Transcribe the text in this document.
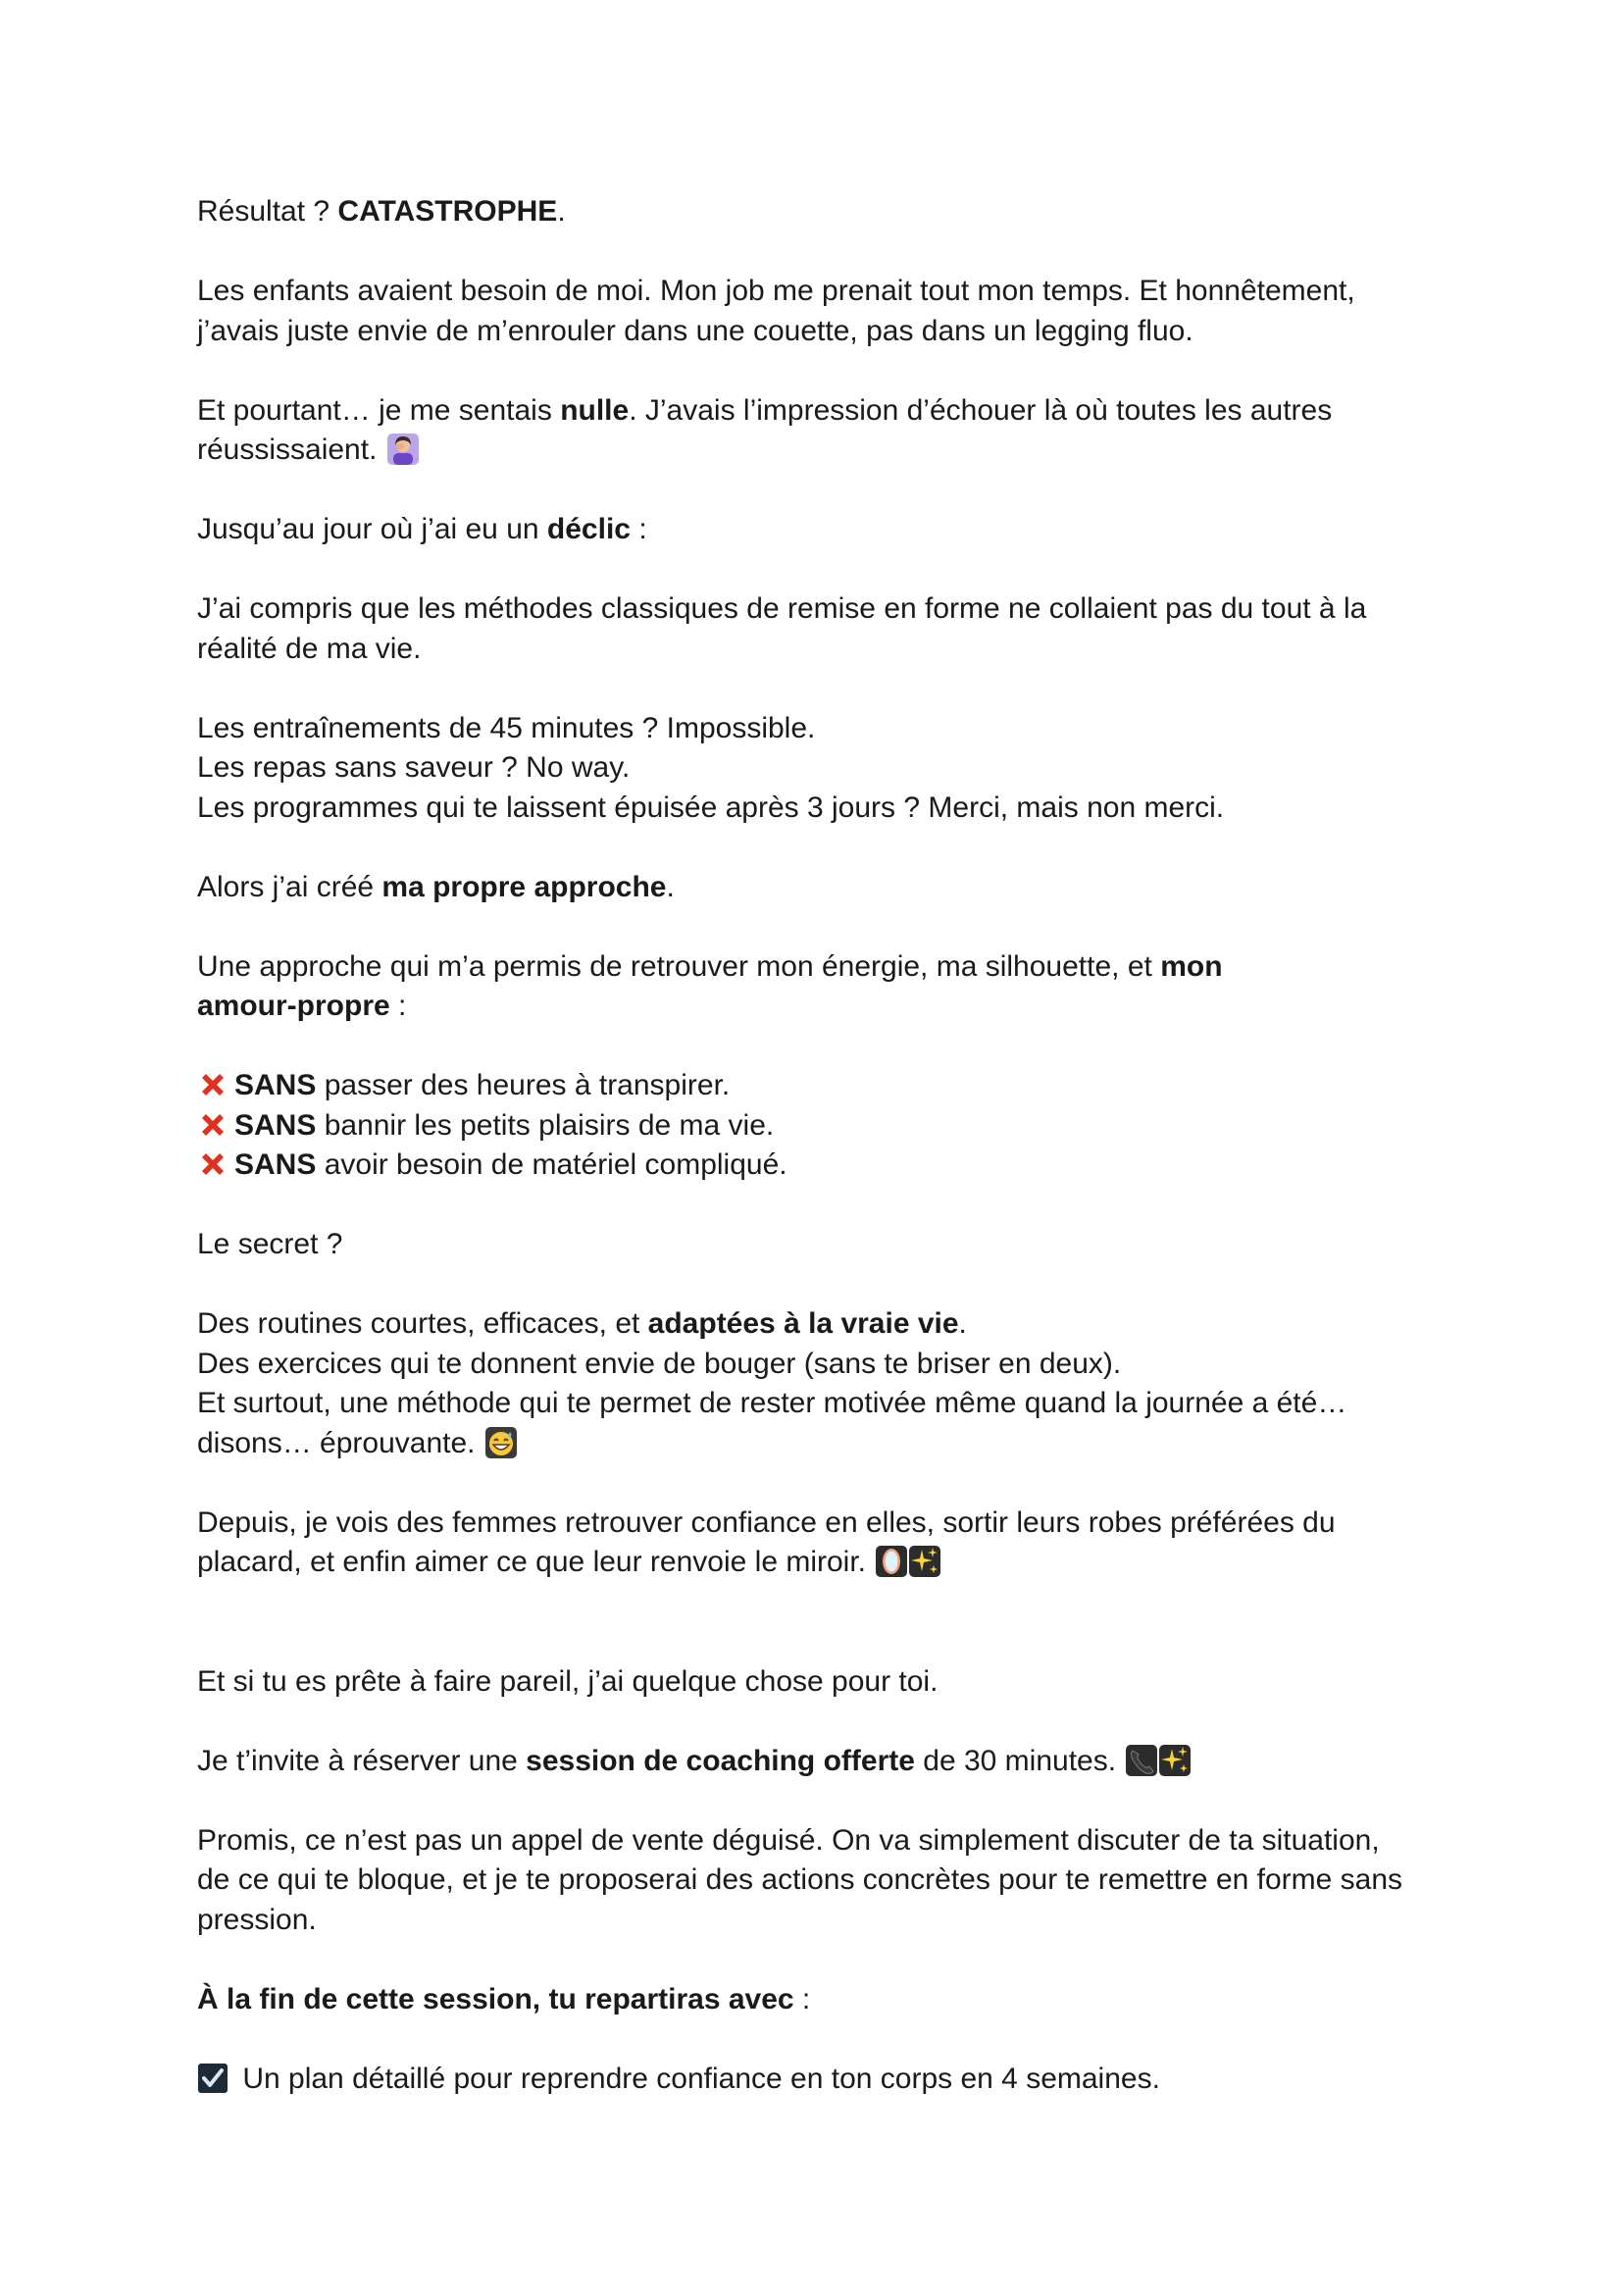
Résultat ? CATASTROPHE.

Les enfants avaient besoin de moi. Mon job me prenait tout mon temps. Et honnêtement,
j’avais juste envie de m’enrouler dans une couette, pas dans un legging fluo.

Et pourtant… je me sentais nulle. J’avais l’impression d’échouer là où toutes les autres
réussissaient.

Jusqu’au jour où j’ai eu un déclic :

J’ai compris que les méthodes classiques de remise en forme ne collaient pas du tout à la
réalité de ma vie.

Les entraînements de 45 minutes ? Impossible.
Les repas sans saveur ? No way.
Les programmes qui te laissent épuisée après 3 jours ? Merci, mais non merci.

Alors j’ai créé ma propre approche.

Une approche qui m’a permis de retrouver mon énergie, ma silhouette, et mon
amour-propre :

SANS passer des heures à transpirer.
SANS bannir les petits plaisirs de ma vie.
SANS avoir besoin de matériel compliqué.

Le secret ?

Des routines courtes, efficaces, et adaptées à la vraie vie.
Des exercices qui te donnent envie de bouger (sans te briser en deux).
Et surtout, une méthode qui te permet de rester motivée même quand la journée a été…
disons… éprouvante.

Depuis, je vois des femmes retrouver confiance en elles, sortir leurs robes préférées du
placard, et enfin aimer ce que leur renvoie le miroir.

Et si tu es prête à faire pareil, j’ai quelque chose pour toi.

Je t’invite à réserver une session de coaching offerte de 30 minutes.

Promis, ce n’est pas un appel de vente déguisé. On va simplement discuter de ta situation,
de ce qui te bloque, et je te proposerai des actions concrètes pour te remettre en forme sans
pression.

À la fin de cette session, tu repartiras avec :

Un plan détaillé pour reprendre confiance en ton corps en 4 semaines.
